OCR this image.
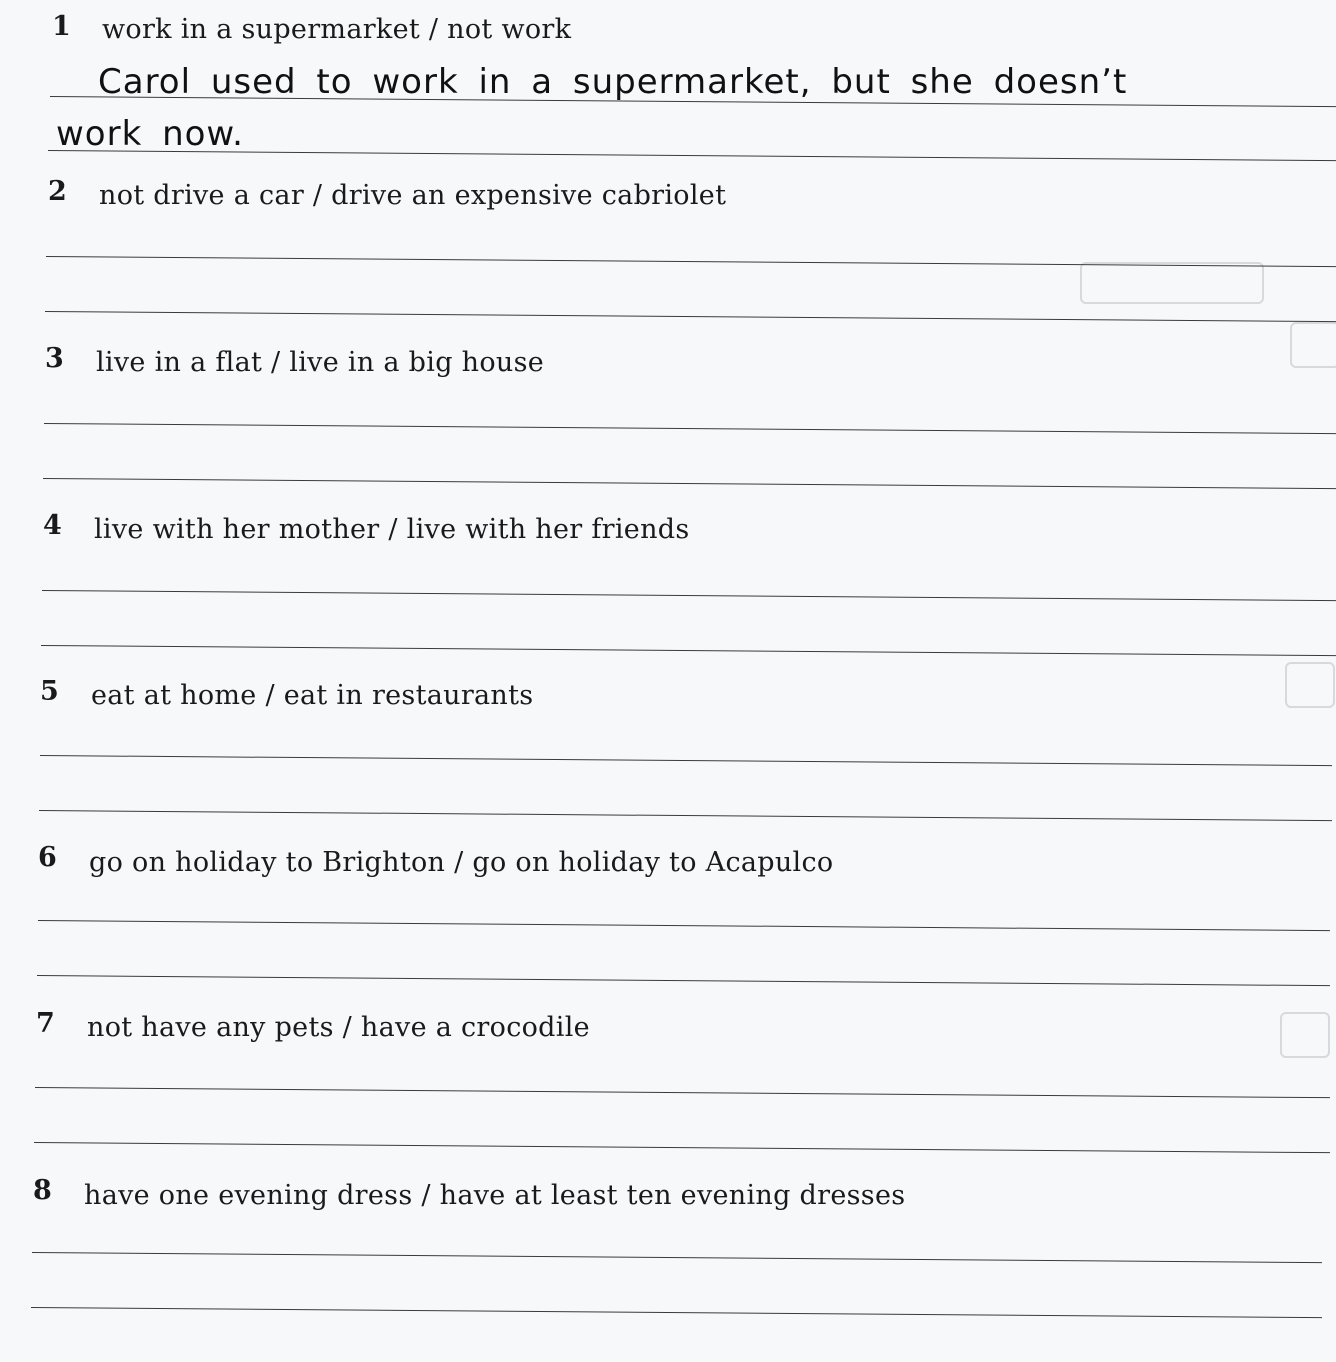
1 work in a supermarket / not work
Carol used to work in a supermarket, but she doesn’t
work now.
2 not drive a car / drive an expensive cabriolet
3 live in a flat / live in a big house
4 live with her mother / live with her friends
5 eat at home / eat in restaurants
6 go on holiday to Brighton / go on holiday to Acapulco
7 not have any pets / have a crocodile
8 have one evening dress / have at least ten evening dresses
